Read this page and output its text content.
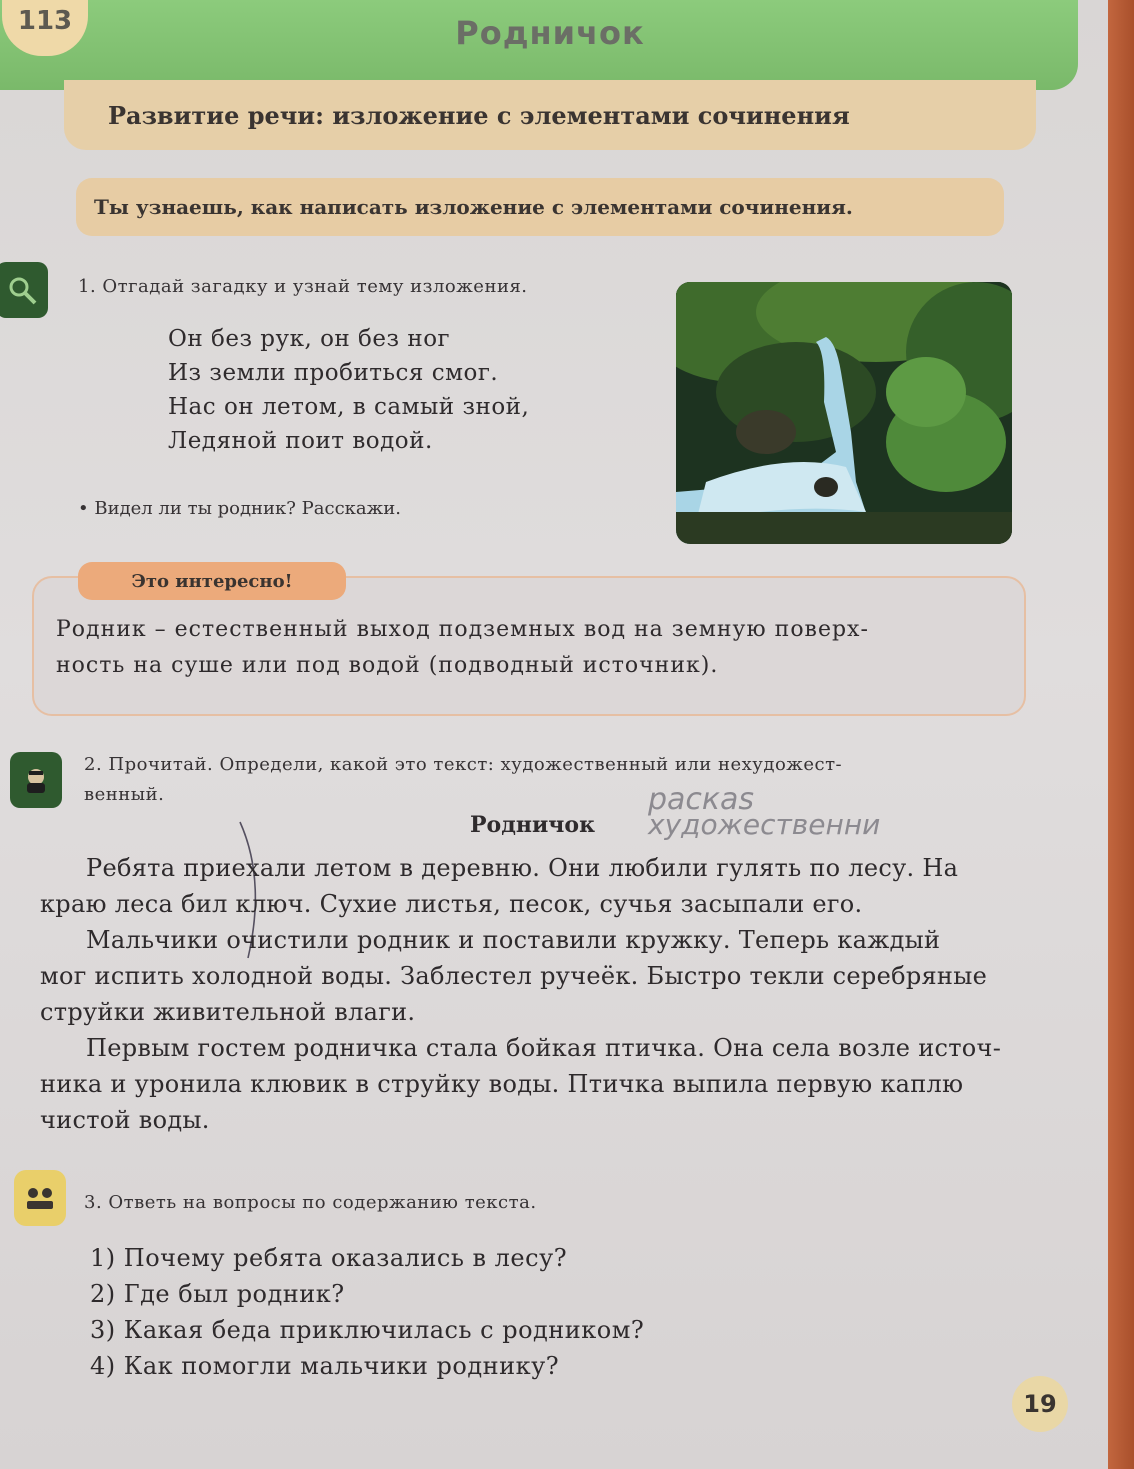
113	Родничок
Развитие речи: изложение с элементами сочинения
Ты узнаешь, как написать изложение с элементами сочинения.
1. Отгадай загадку и узнай тему изложения.
Он без рук, он без ног
Из земли пробиться смог.
Нас он летом, в самый зной,
Ледяной поит водой.
• Видел ли ты родник? Расскажи.
Это интересно!
Родник – естественный выход подземных вод на земную поверх-
ность на суше или под водой (подводный источник).
2. Прочитай. Определи, какой это текст: художественный или нехудожест-
венный.
Родничок
раскаs
художественни

Ребята приехали летом в деревню. Они любили гулять по лесу. На
краю леса бил ключ. Сухие листья, песок, сучья засыпали его.

Мальчики очистили родник и поставили кружку. Теперь каждый
мог испить холодной воды. Заблестел ручеёк. Быстро текли серебряные
струйки живительной влаги.

Первым гостем родничка стала бойкая птичка. Она села возле источ-
ника и уронила клювик в струйку воды. Птичка выпила первую каплю
чистой воды.

3. Ответь на вопросы по содержанию текста.
1) Почему ребята оказались в лесу?
2) Где был родник?
3) Какая беда приключилась с родником?
4) Как помогли мальчики роднику?
19
